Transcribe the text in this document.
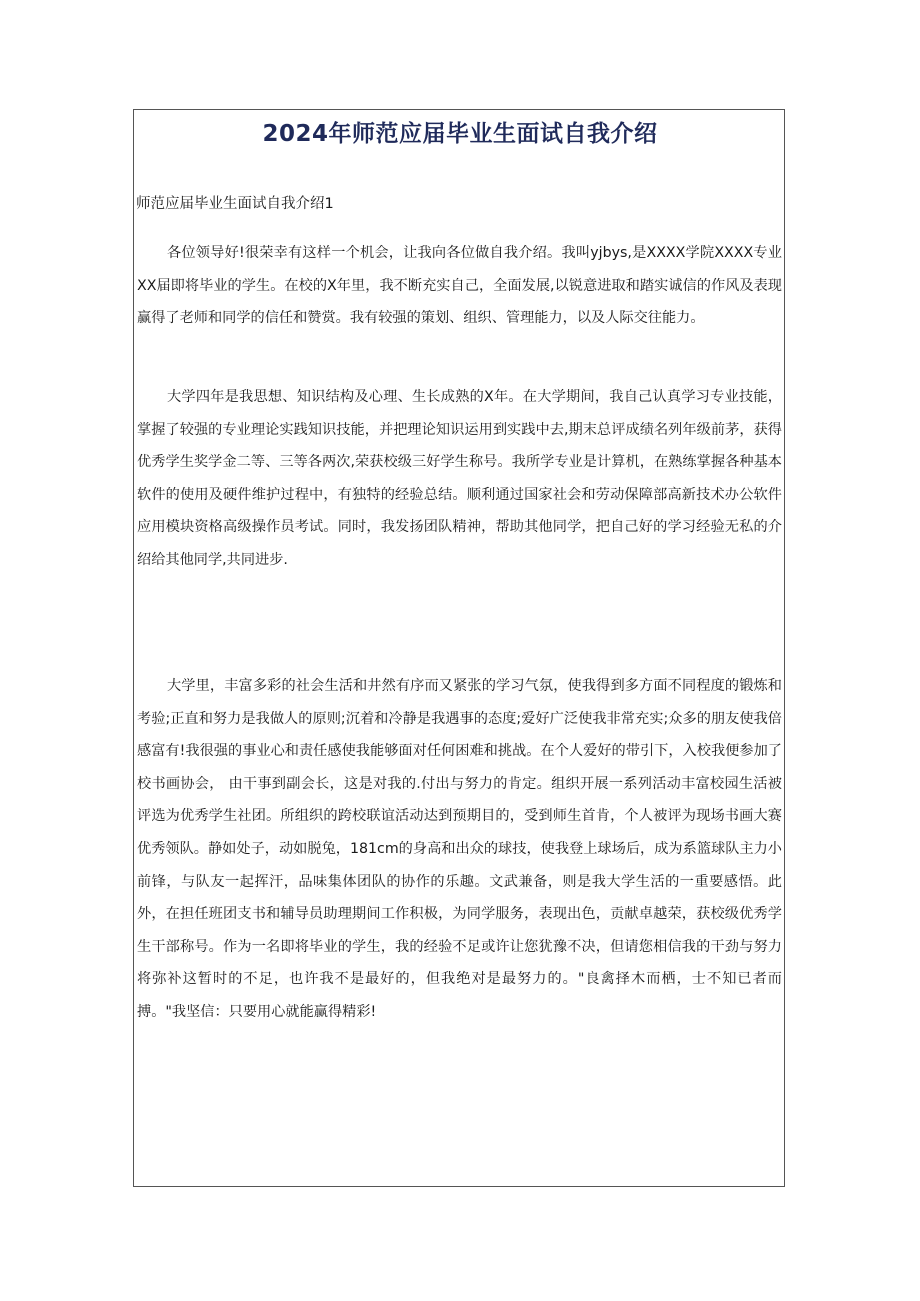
2024年师范应届毕业生面试自我介绍

师范应届毕业生面试自我介绍1

各位领导好!很荣幸有这样一个机会，让我向各位做自我介绍。我叫yjbys,是XXXX学院XXXX专业XX届即将毕业的学生。在校的X年里，我不断充实自己，全面发展,以锐意进取和踏实诚信的作风及表现赢得了老师和同学的信任和赞赏。我有较强的策划、组织、管理能力，以及人际交往能力。

大学四年是我思想、知识结构及心理、生长成熟的X年。在大学期间，我自己认真学习专业技能，掌握了较强的专业理论实践知识技能，并把理论知识运用到实践中去,期末总评成绩名列年级前茅，获得优秀学生奖学金二等、三等各两次,荣获校级三好学生称号。我所学专业是计算机，在熟练掌握各种基本软件的使用及硬件维护过程中，有独特的经验总结。顺利通过国家社会和劳动保障部高新技术办公软件应用模块资格高级操作员考试。同时，我发扬团队精神，帮助其他同学，把自己好的学习经验无私的介绍给其他同学,共同进步.

大学里，丰富多彩的社会生活和井然有序而又紧张的学习气氛，使我得到多方面不同程度的锻炼和考验;正直和努力是我做人的原则;沉着和冷静是我遇事的态度;爱好广泛使我非常充实;众多的朋友使我倍感富有!我很强的事业心和责任感使我能够面对任何困难和挑战。在个人爱好的带引下，入校我便参加了校书画协会， 由干事到副会长，这是对我的.付出与努力的肯定。组织开展一系列活动丰富校园生活被评选为优秀学生社团。所组织的跨校联谊活动达到预期目的，受到师生首肯，个人被评为现场书画大赛优秀领队。静如处子，动如脱兔，181cm的身高和出众的球技，使我登上球场后，成为系篮球队主力小前锋，与队友一起挥汗，品味集体团队的协作的乐趣。文武兼备，则是我大学生活的一重要感悟。此外，在担任班团支书和辅导员助理期间工作积极，为同学服务，表现出色，贡献卓越荣，获校级优秀学生干部称号。作为一名即将毕业的学生，我的经验不足或许让您犹豫不决，但请您相信我的干劲与努力将弥补这暂时的不足，也许我不是最好的，但我绝对是最努力的。"良禽择木而栖，士不知已者而搏。"我坚信：只要用心就能赢得精彩!
